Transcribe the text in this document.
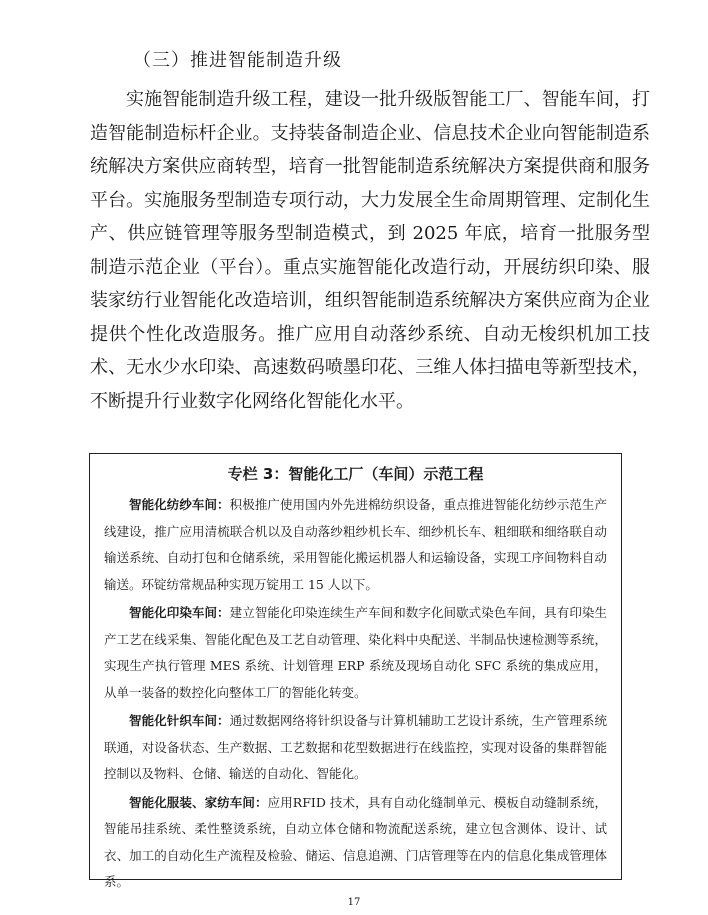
（三）推进智能制造升级

实施智能制造升级工程，建设一批升级版智能工厂、智能车间，打造智能制造标杆企业。支持装备制造企业、信息技术企业向智能制造系统解决方案供应商转型，培育一批智能制造系统解决方案提供商和服务平台。实施服务型制造专项行动，大力发展全生命周期管理、定制化生产、供应链管理等服务型制造模式，到 2025 年底，培育一批服务型制造示范企业（平台）。重点实施智能化改造行动，开展纺织印染、服装家纺行业智能化改造培训，组织智能制造系统解决方案供应商为企业提供个性化改造服务。推广应用自动落纱系统、自动无梭织机加工技术、无水少水印染、高速数码喷墨印花、三维人体扫描电等新型技术，不断提升行业数字化网络化智能化水平。

专栏 3：智能化工厂（车间）示范工程

智能化纺纱车间：积极推广使用国内外先进棉纺织设备，重点推进智能化纺纱示范生产线建设，推广应用清梳联合机以及自动落纱粗纱机长车、细纱机长车、粗细联和细络联自动输送系统、自动打包和仓储系统，采用智能化搬运机器人和运输设备，实现工序间物料自动输送。环锭纺常规品种实现万锭用工 15 人以下。

智能化印染车间：建立智能化印染连续生产车间和数字化间歇式染色车间，具有印染生产工艺在线采集、智能化配色及工艺自动管理、染化料中央配送、半制品快速检测等系统，实现生产执行管理 MES 系统、计划管理 ERP 系统及现场自动化 SFC 系统的集成应用，从单一装备的数控化向整体工厂的智能化转变。

智能化针织车间：通过数据网络将针织设备与计算机辅助工艺设计系统，生产管理系统联通，对设备状态、生产数据、工艺数据和花型数据进行在线监控，实现对设备的集群智能控制以及物料、仓储、输送的自动化、智能化。

智能化服装、家纺车间：应用RFID 技术，具有自动化缝制单元、模板自动缝制系统，智能吊挂系统、柔性整烫系统，自动立体仓储和物流配送系统，建立包含测体、设计、试衣、加工的自动化生产流程及检验、储运、信息追溯、门店管理等在内的信息化集成管理体系。

17
